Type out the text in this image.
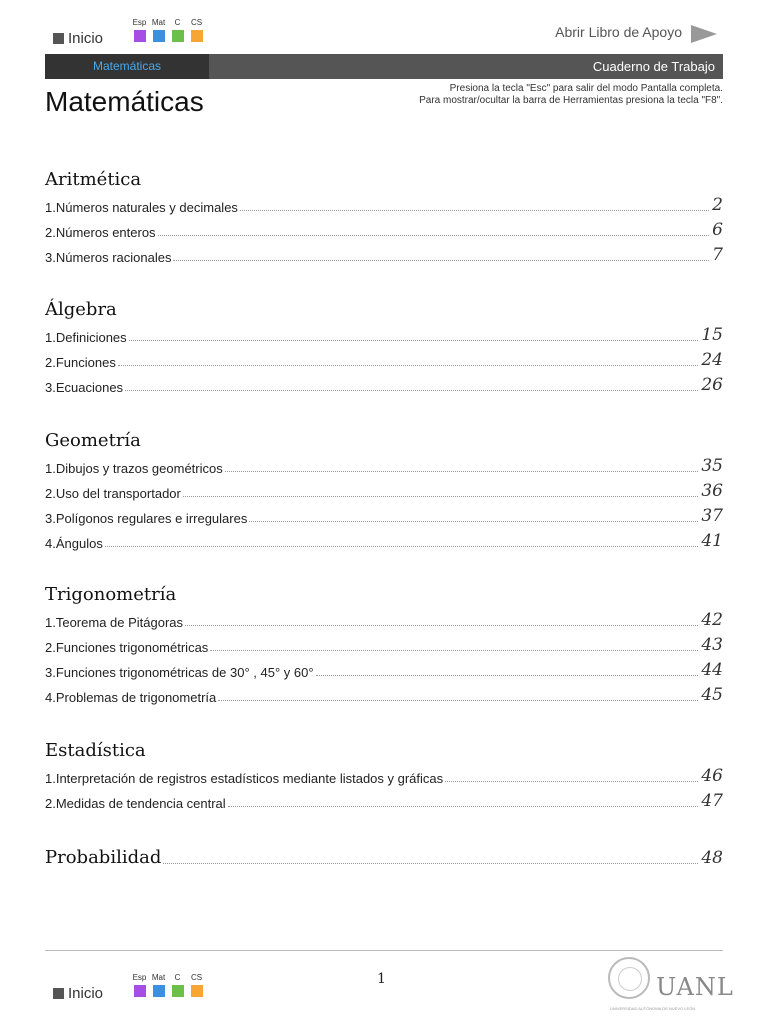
Inicio
Esp Mat C CS
Abrir Libro de Apoyo
Matemáticas	Cuaderno de Trabajo
Matemáticas	Presiona la tecla "Esc" para salir del modo Pantalla completa.
Para mostrar/ocultar la barra de Herramientas presiona la tecla "F8".
Aritmética
1.Números naturales y decimales	2
2.Números enteros	6
3.Números racionales	7
Álgebra
1.Definiciones	15
2.Funciones	24
3.Ecuaciones	26
Geometría
1.Dibujos y trazos geométricos	35
2.Uso del transportador	36
3.Polígonos regulares e irregulares	37
4.Ángulos	41
Trigonometría
1.Teorema de Pitágoras	42
2.Funciones trigonométricas	43
3.Funciones trigonométricas de 30° , 45° y 60°	44
4.Problemas de trigonometría	45
Estadística
1.Interpretación de registros estadísticos mediante listados y gráficas	46
2.Medidas de tendencia central	47
Probabilidad	48
Inicio
Esp Mat C CS	1	UANL
UNIVERSIDAD AUTÓNOMA DE NUEVO LEÓN
